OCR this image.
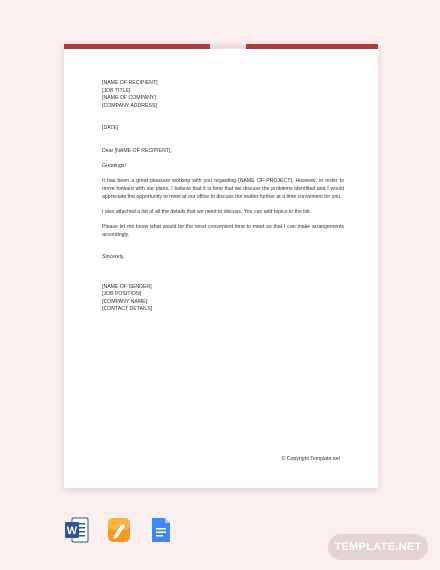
[NAME OF RECIPIENT]
[JOB TITLE]
[NAME OF COMPANY]
[COMPANY ADDRESS]
[DATE]
Dear [NAME OF RECIPIENT],
Greetings!
It has been a great pleasure working with you regarding [NAME OF PROJECT]. However, in order to move forward with our plans, I believe that it is time that we discuss the problems identified and I would appreciate the opportunity to meet at our office to discuss the matter further at a time convenient for you.
I also attached a list of all the details that we need to discuss. You can add topics to the list.
Please let me know what would be the most convenient time to meet so that I can make arrangements accordingly.
Sincerely,
[NAME OF SENDER]
[JOB POSITION]
[COMPANY NAME]
[CONTACT DETAILS]
© Copyright Template.net
W
TEMPLATE.NET
